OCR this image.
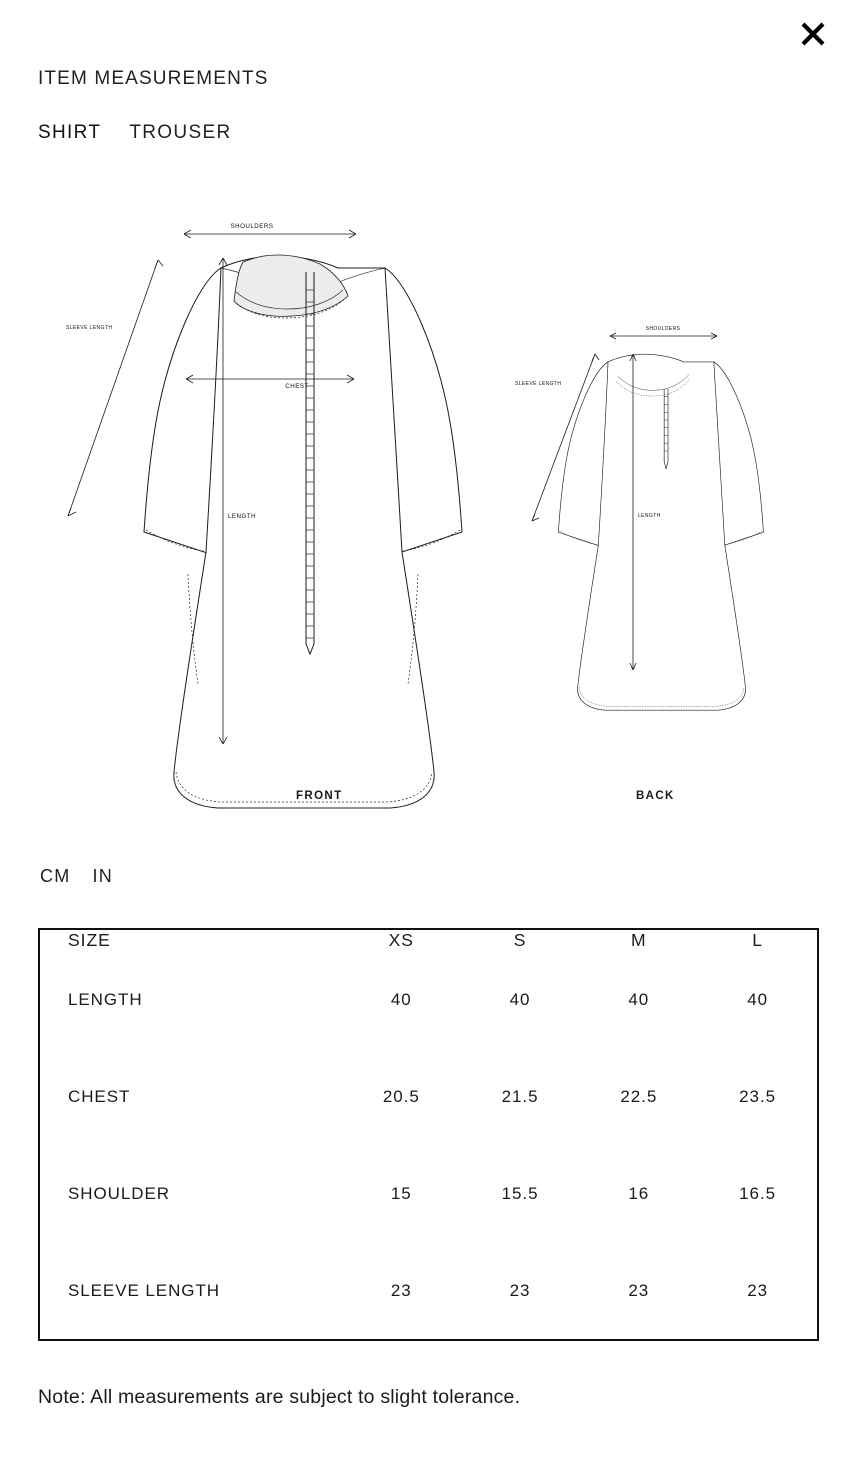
ITEM MEASUREMENTS
SHIRT TROUSER
SHOULDERS
SLEEVE LENGTH
CHEST
LENGTH
SHOULDERS
SLEEVE LENGTH
LENGTH
FRONT	BACK
CM IN
SIZE	XS	S	M	L
LENGTH	40	40	40	40
CHEST	20.5	21.5	22.5	23.5
SHOULDER	15	15.5	16	16.5
SLEEVE LENGTH	23	23	23	23
Note: All measurements are subject to slight tolerance.
